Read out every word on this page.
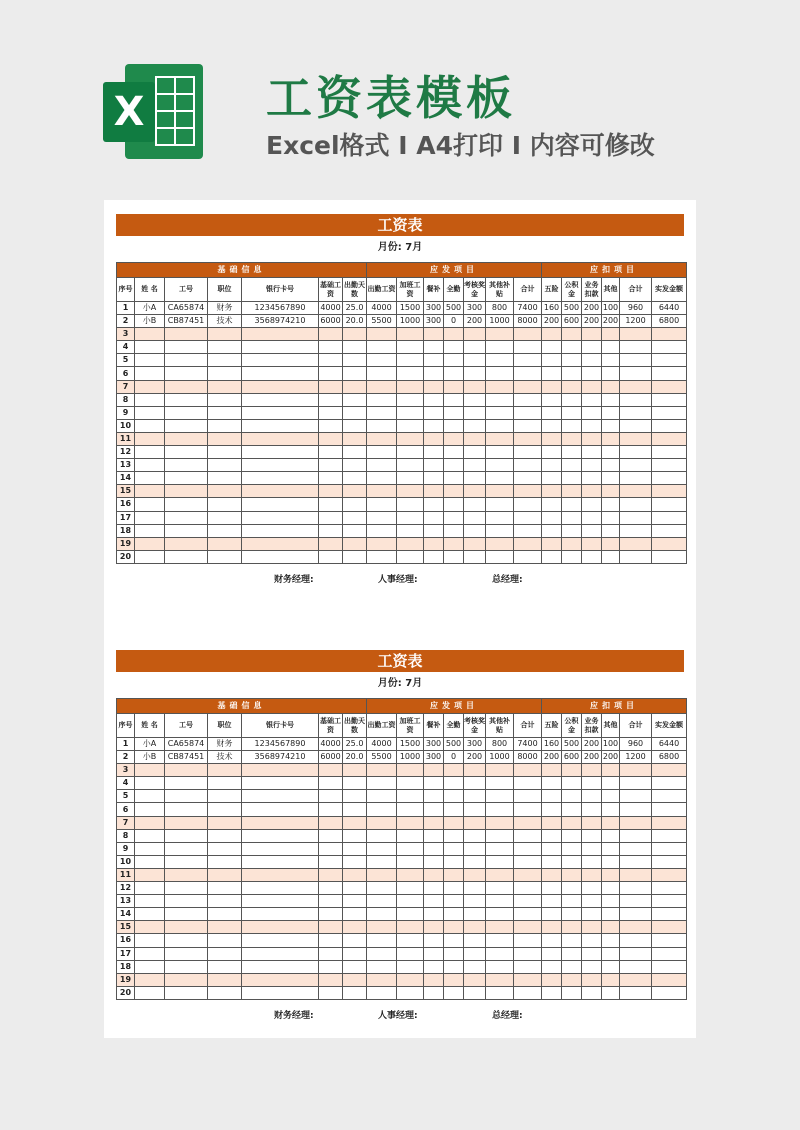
X	工资表模板
Excel格式 I A4打印 I 内容可修改
工资表
月份: 7月
基础信息							应发项目							应扣项目					
序号	姓 名	工号	职位	银行卡号	基础工资	出勤天数	出勤工资	加班工资	餐补	全勤	考核奖金	其他补贴	合计	五险	公积金	业务扣款	其他	合计	实发金额
1	小A	CA65874	财务	1234567890	4000	25.0	4000	1500	300	500	300	800	7400	160	500	200	100	960	6440
2	小B	CB87451	技术	3568974210	6000	20.0	5500	1000	300	0	200	1000	8000	200	600	200	200	1200	6800
3																			
4																			
5																			
6																			
7																			
8																			
9																			
10																			
11																			
12																			
13																			
14																			
15																			
16																			
17																			
18																			
19																			
20																			
财务经理:	人事经理:	总经理:
工资表
月份: 7月
基础信息							应发项目							应扣项目					
序号	姓 名	工号	职位	银行卡号	基础工资	出勤天数	出勤工资	加班工资	餐补	全勤	考核奖金	其他补贴	合计	五险	公积金	业务扣款	其他	合计	实发金额
1	小A	CA65874	财务	1234567890	4000	25.0	4000	1500	300	500	300	800	7400	160	500	200	100	960	6440
2	小B	CB87451	技术	3568974210	6000	20.0	5500	1000	300	0	200	1000	8000	200	600	200	200	1200	6800
3																			
4																			
5																			
6																			
7																			
8																			
9																			
10																			
11																			
12																			
13																			
14																			
15																			
16																			
17																			
18																			
19																			
20																			
财务经理:	人事经理:	总经理:
